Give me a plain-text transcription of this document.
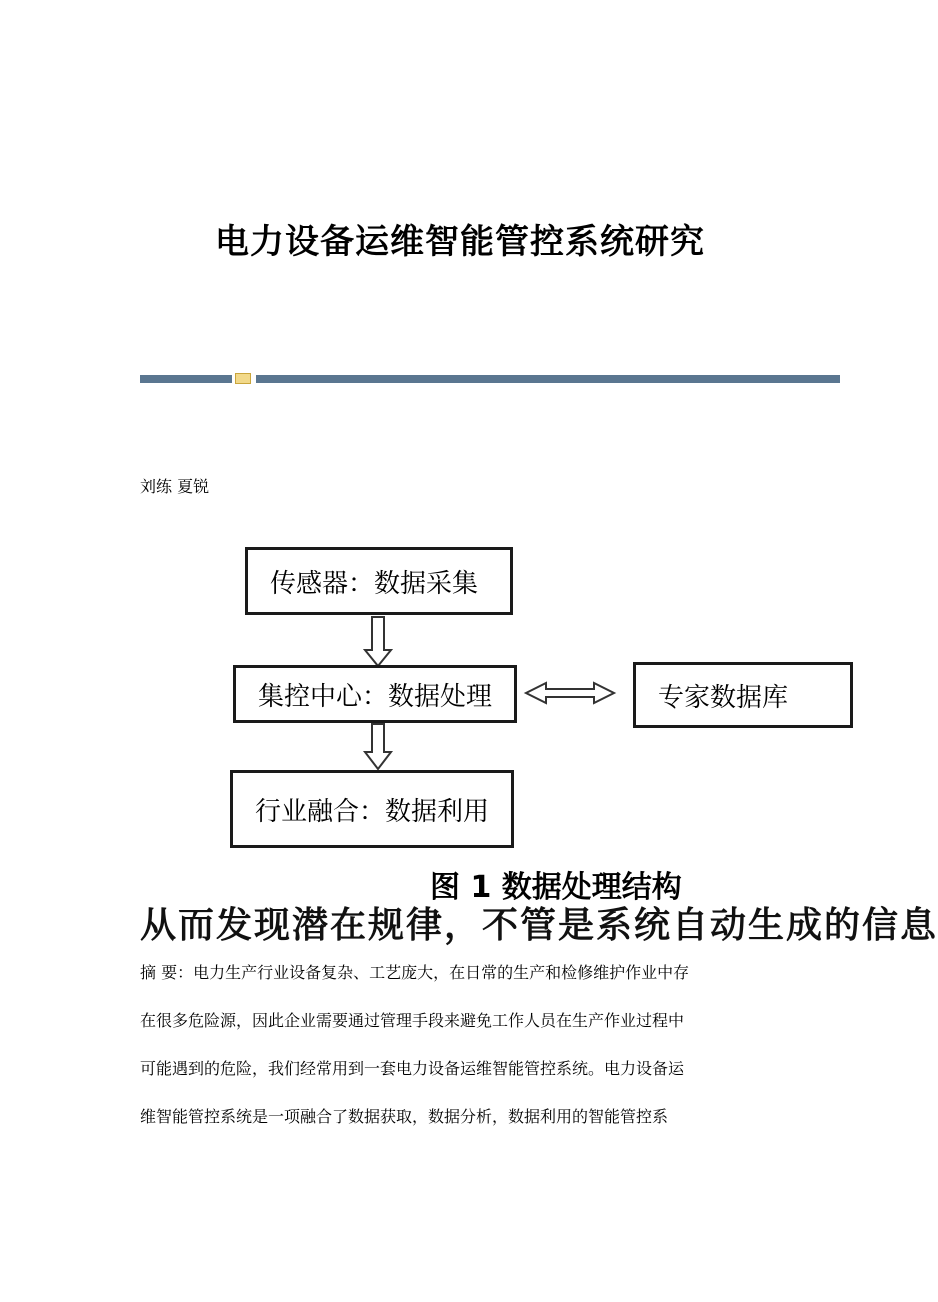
电力设备运维智能管控系统研究
刘练 夏锐
传感器：数据采集
集控中心：数据处理	专家数据库
行业融合：数据利用
图 1 数据处理结构
从而发现潜在规律，不管是系统自动生成的信息
摘 要：电力生产行业设备复杂、工艺庞大，在日常的生产和检修维护作业中存
在很多危险源，因此企业需要通过管理手段来避免工作人员在生产作业过程中
可能遇到的危险，我们经常用到一套电力设备运维智能管控系统。电力设备运
维智能管控系统是一项融合了数据获取，数据分析，数据利用的智能管控系
